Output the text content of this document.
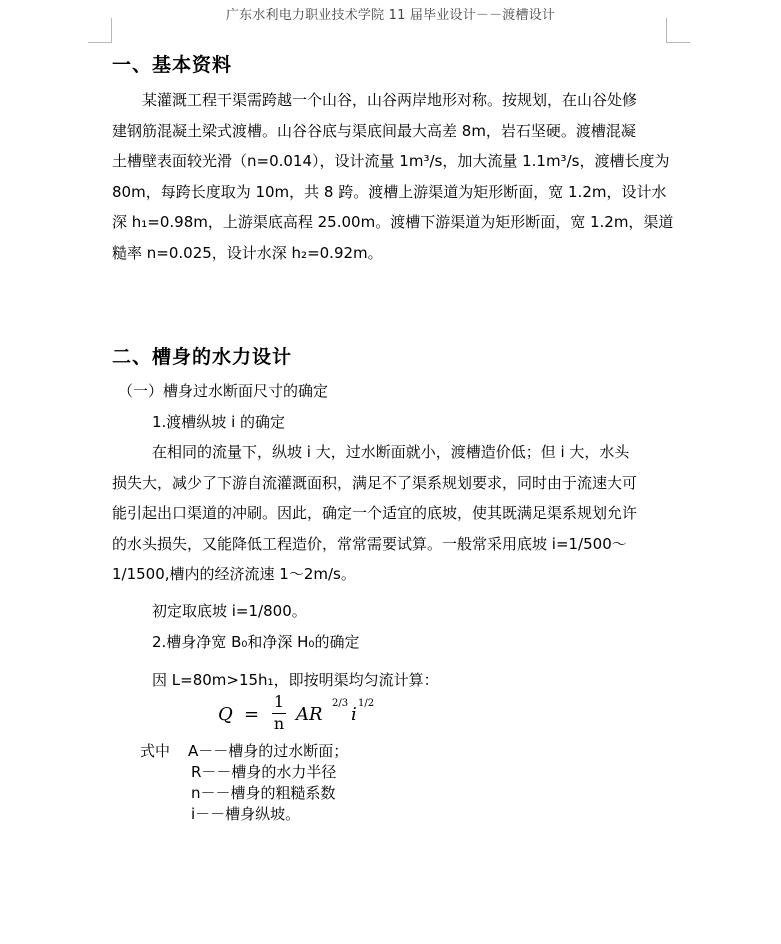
广东水利电力职业技术学院 11 届毕业设计－－渡槽设计
一、基本资料
某灌溉工程干渠需跨越一个山谷，山谷两岸地形对称。按规划，在山谷处修
建钢筋混凝土梁式渡槽。山谷谷底与渠底间最大高差 8m，岩石坚硬。渡槽混凝
土槽壁表面较光滑（n=0.014），设计流量 1m³/s，加大流量 1.1m³/s，渡槽长度为
80m，每跨长度取为 10m，共 8 跨。渡槽上游渠道为矩形断面，宽 1.2m，设计水
深 h₁=0.98m，上游渠底高程 25.00m。渡槽下游渠道为矩形断面，宽 1.2m，渠道
糙率 n=0.025，设计水深 h₂=0.92m。
二、槽身的水力设计
（一）槽身过水断面尺寸的确定
1.渡槽纵坡 i 的确定
在相同的流量下，纵坡 i 大，过水断面就小，渡槽造价低；但 i 大，水头
损失大，减少了下游自流灌溉面积，满足不了渠系规划要求，同时由于流速大可
能引起出口渠道的冲刷。因此，确定一个适宜的底坡，使其既满足渠系规划允许
的水头损失，又能降低工程造价，常常需要试算。一般常采用底坡 i=1/500～
1/1500,槽内的经济流速 1～2m/s。
初定取底坡 i=1/800。
2.槽身净宽 B₀和净深 H₀的确定
因 L=80m>15h₁，即按明渠均匀流计算：
Q =
1
n AR
2/3
i
1/2
式中 A－－槽身的过水断面；
R－－槽身的水力半径
n－－槽身的粗糙系数
i－－槽身纵坡。
